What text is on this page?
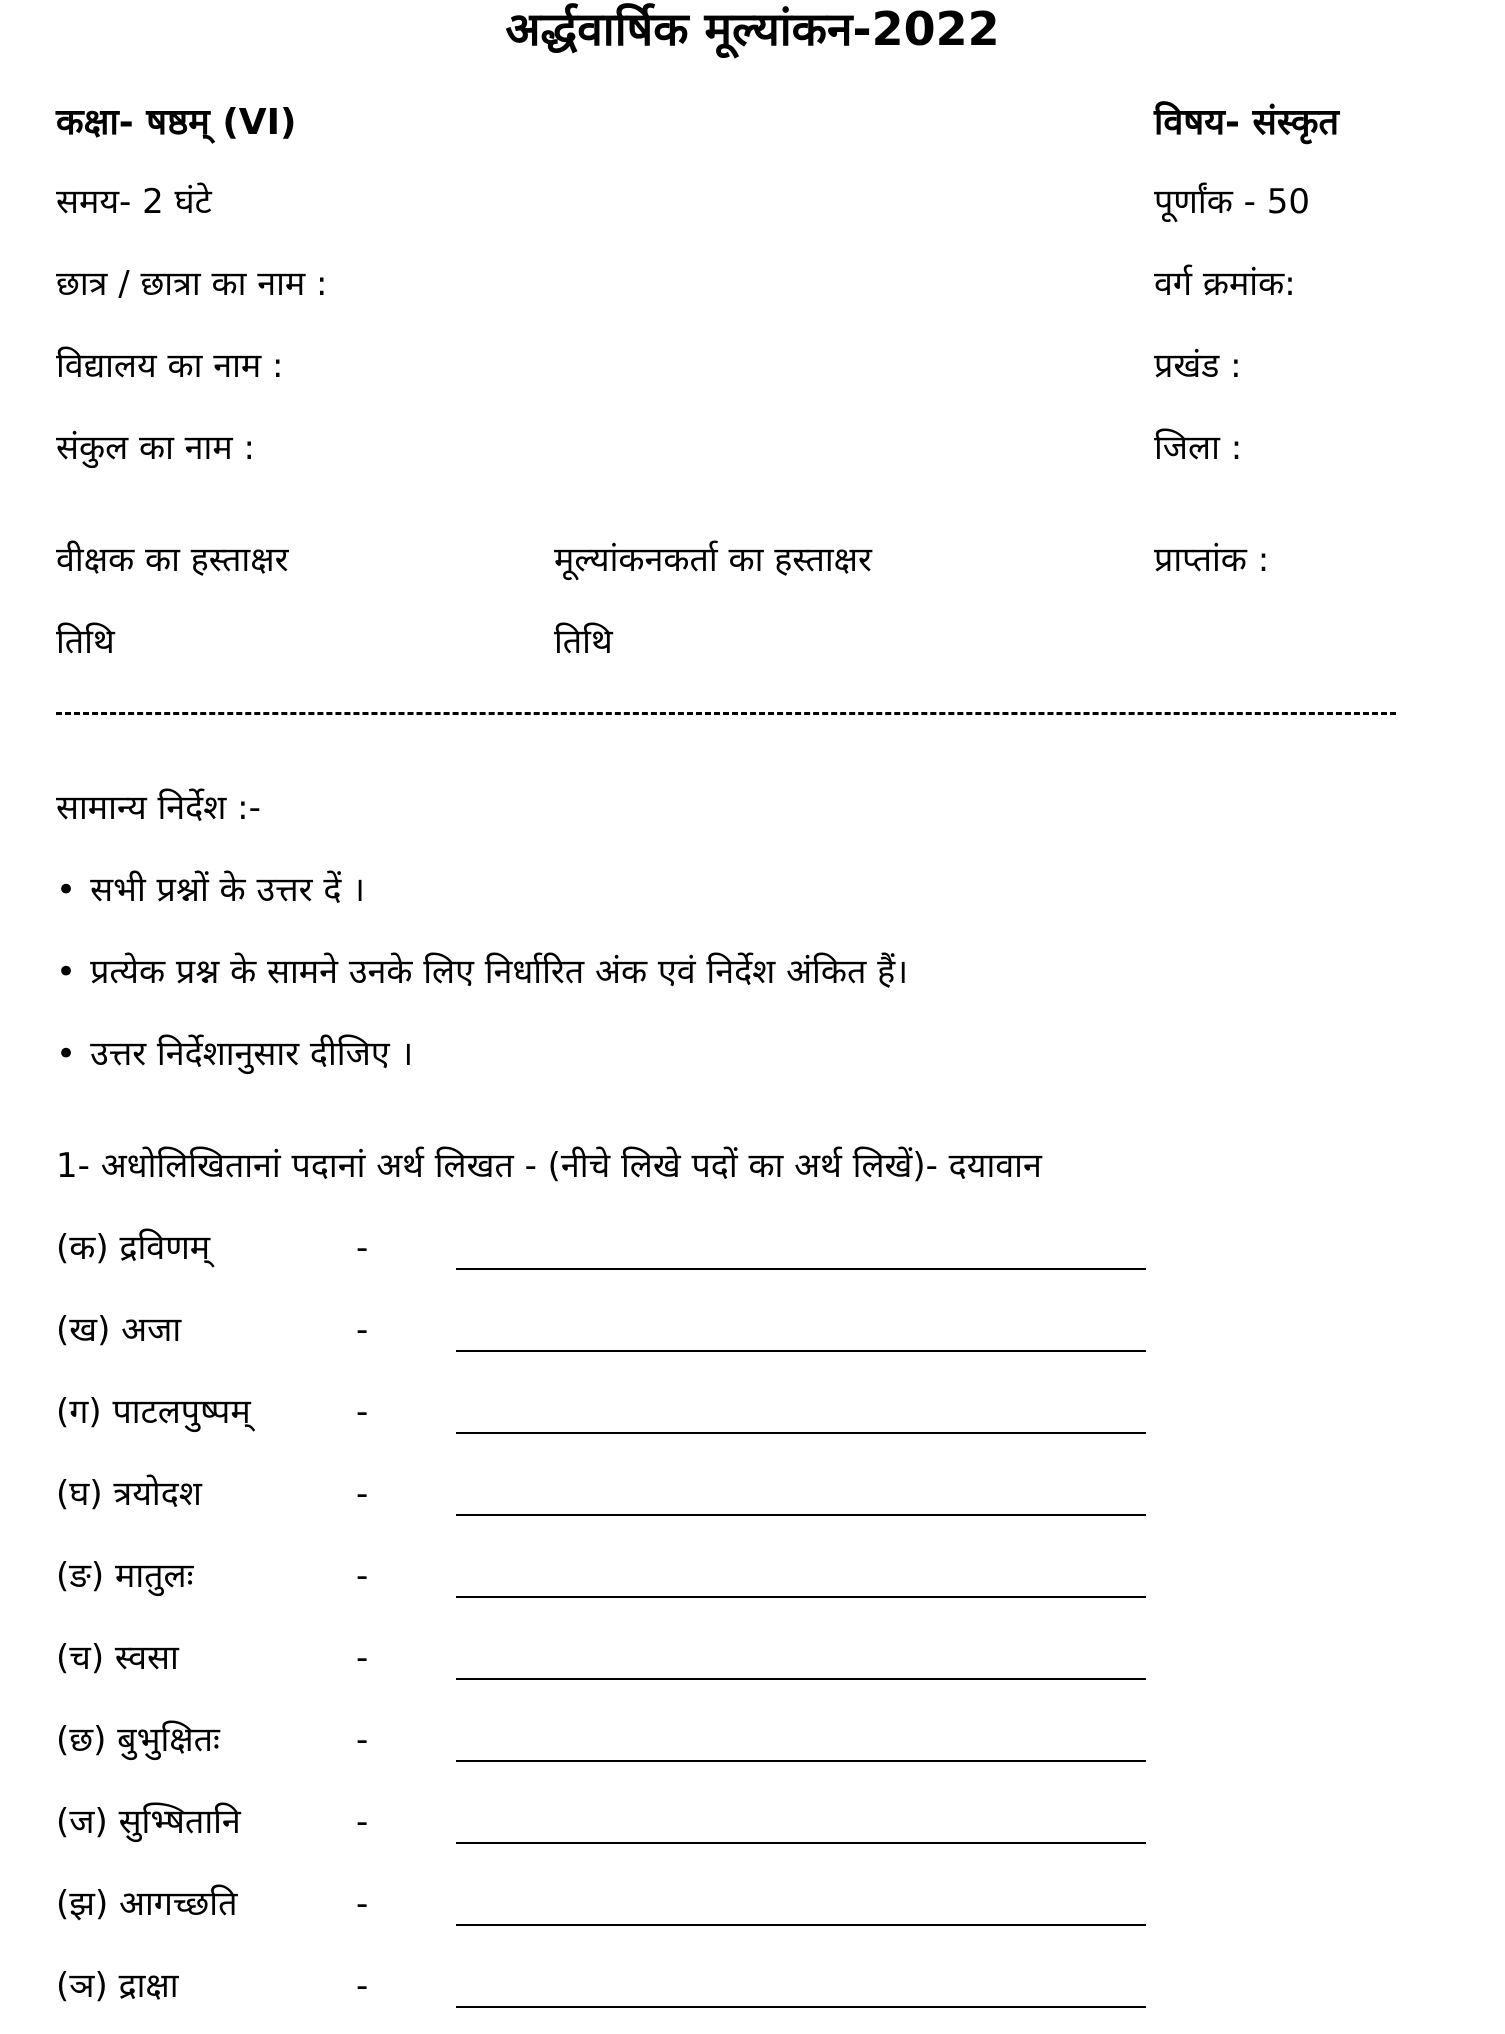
अर्द्धवार्षिक मूल्यांकन-2022
कक्षा- षष्ठम् (VI)	विषय- संस्कृत
समय- 2 घंटे	पूर्णांक - 50
छात्र / छात्रा का नाम :	वर्ग क्रमांक:
विद्यालय का नाम :	प्रखंड :
संकुल का नाम :	जिला :
वीक्षक का हस्ताक्षर	मूल्यांकनकर्ता का हस्ताक्षर	प्राप्तांक :
तिथि	तिथि
सामान्य निर्देश :-
• सभी प्रश्नों के उत्तर दें ।
• प्रत्येक प्रश्न के सामने उनके लिए निर्धारित अंक एवं निर्देश अंकित हैं।
• उत्तर निर्देशानुसार दीजिए ।
1- अधोलिखितानां पदानां अर्थ लिखत - (नीचे लिखे पदों का अर्थ लिखें)- दयावान
(क) द्रविणम्	-
(ख) अजा	-
(ग) पाटलपुष्पम्	-
(घ) त्रयोदश	-
(ङ) मातुलः	-
(च) स्वसा	-
(छ) बुभुक्षितः	-
(ज) सुभ्षितानि	-
(झ) आगच्छति	-
(ञ) द्राक्षा	-
